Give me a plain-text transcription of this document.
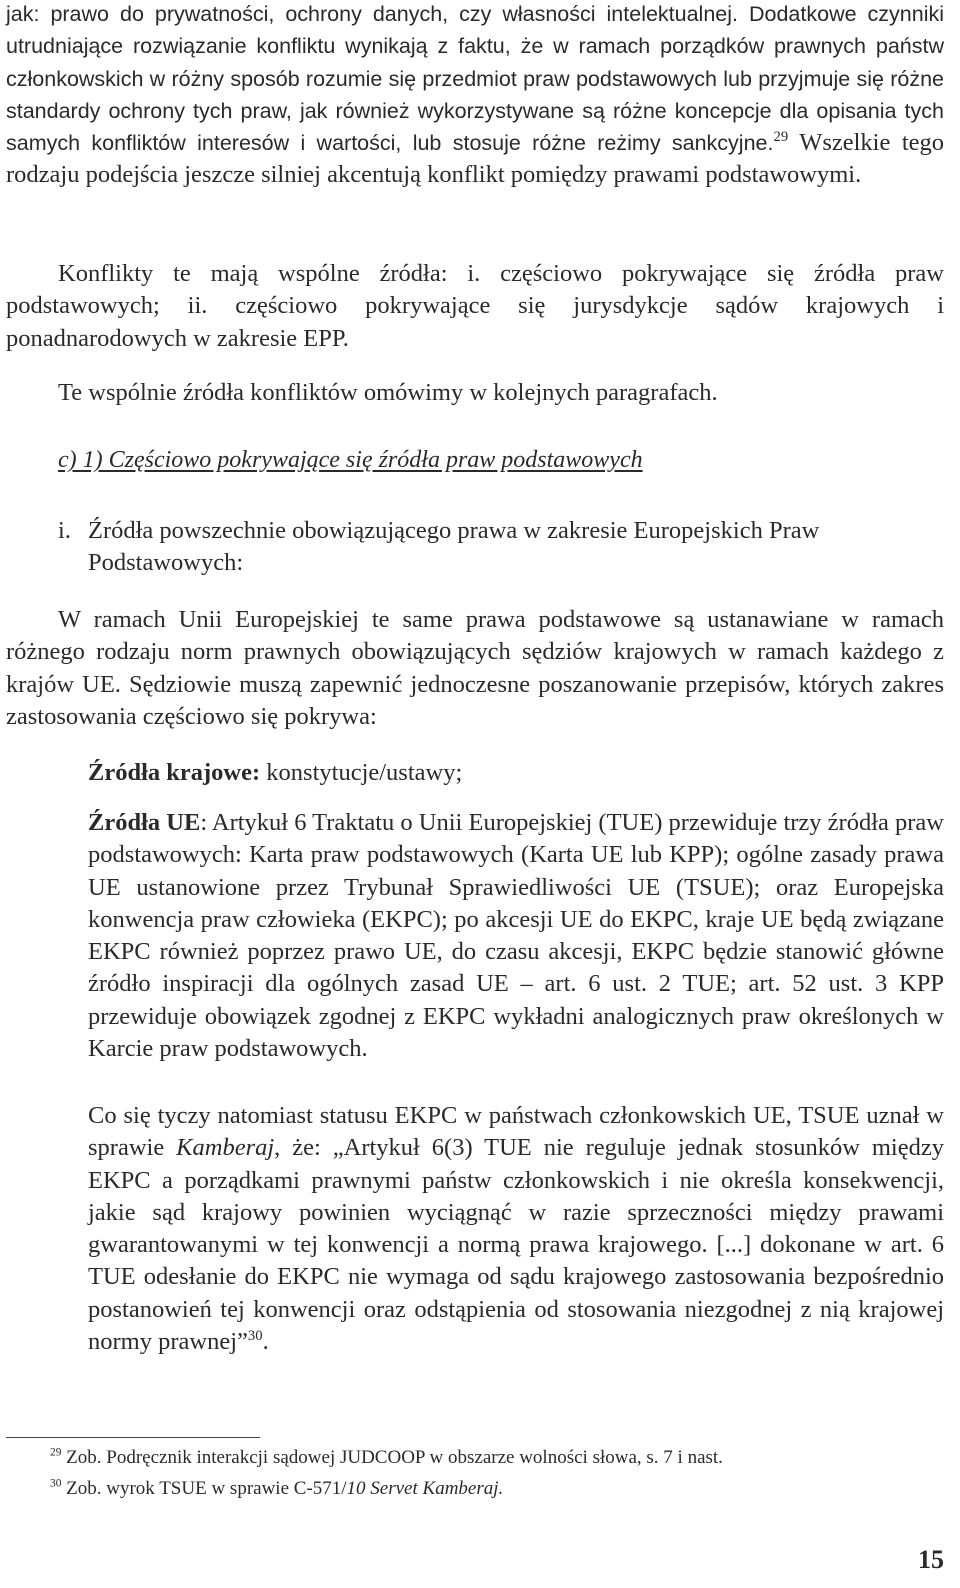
jak: prawo do prywatności, ochrony danych, czy własności intelektualnej. Dodatkowe czynniki utrudniające rozwiązanie konfliktu wynikają z faktu, że w ramach porządków prawnych państw członkowskich w różny sposób rozumie się przedmiot praw podstawowych lub przyjmuje się różne standardy ochrony tych praw, jak również wykorzystywane są różne koncepcje dla opisania tych samych konfliktów interesów i wartości, lub stosuje różne reżimy sankcyjne.$^{29}$ Wszelkie tego rodzaju podejścia jeszcze silniej akcentują konflikt pomiędzy prawami podstawowymi.

Konflikty te mają wspólne źródła: i. częściowo pokrywające się źródła praw podstawowych; ii. częściowo pokrywające się jurysdykcje sądów krajowych i ponadnarodowych w zakresie EPP.

Te wspólnie źródła konfliktów omówimy w kolejnych paragrafach.

c) 1) Częściowo pokrywające się źródła praw podstawowych

i. Źródła powszechnie obowiązującego prawa w zakresie Europejskich Praw Podstawowych:

W ramach Unii Europejskiej te same prawa podstawowe są ustanawiane w ramach różnego rodzaju norm prawnych obowiązujących sędziów krajowych w ramach każdego z krajów UE. Sędziowie muszą zapewnić jednoczesne poszanowanie przepisów, których zakres zastosowania częściowo się pokrywa:

Źródła krajowe: konstytucje/ustawy;

Źródła UE: Artykuł 6 Traktatu o Unii Europejskiej (TUE) przewiduje trzy źródła praw podstawowych: Karta praw podstawowych (Karta UE lub KPP); ogólne zasady prawa UE ustanowione przez Trybunał Sprawiedliwości UE (TSUE); oraz Europejska konwencja praw człowieka (EKPC); po akcesji UE do EKPC, kraje UE będą związane EKPC również poprzez prawo UE, do czasu akcesji, EKPC będzie stanowić główne źródło inspiracji dla ogólnych zasad UE – art. 6 ust. 2 TUE; art. 52 ust. 3 KPP przewiduje obowiązek zgodnej z EKPC wykładni analogicznych praw określonych w Karcie praw podstawowych.

Co się tyczy natomiast statusu EKPC w państwach członkowskich UE, TSUE uznał w sprawie Kamberaj, że: „Artykuł 6(3) TUE nie reguluje jednak stosunków między EKPC a porządkami prawnymi państw członkowskich i nie określa konsekwencji, jakie sąd krajowy powinien wyciągnąć w razie sprzeczności między prawami gwarantowanymi w tej konwencji a normą prawa krajowego. [...] dokonane w art. 6 TUE odesłanie do EKPC nie wymaga od sądu krajowego zastosowania bezpośrednio postanowień tej konwencji oraz odstąpienia od stosowania niezgodnej z nią krajowej normy prawnej”$^{30}$.

$^{29}$ Zob. Podręcznik interakcji sądowej JUDCOOP w obszarze wolności słowa, s. 7 i nast.

$^{30}$ Zob. wyrok TSUE w sprawie C-571/10 Servet Kamberaj.

15
